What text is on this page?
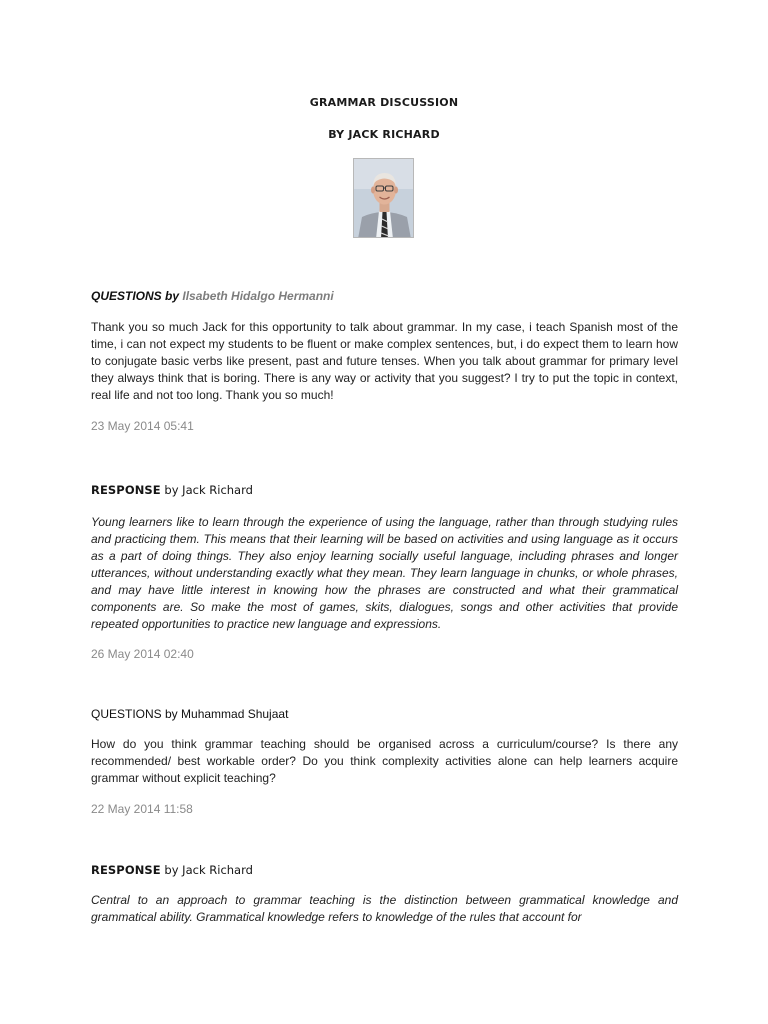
GRAMMAR DISCUSSION
BY JACK RICHARD
QUESTIONS by Ilsabeth Hidalgo Hermanni
Thank you so much Jack for this opportunity to talk about grammar. In my case, i teach Spanish most of the time, i can not expect my students to be fluent or make complex sentences, but, i do expect them to learn how to conjugate basic verbs like present, past and future tenses. When you talk about grammar for primary level they always think that is boring. There is any way or activity that you suggest? I try to put the topic in context, real life and not too long. Thank you so much!
23 May 2014 05:41
RESPONSE by Jack Richard
Young learners like to learn through the experience of using the language, rather than through studying rules and practicing them. This means that their learning will be based on activities and using language as it occurs as a part of doing things. They also enjoy learning socially useful language, including phrases and longer utterances, without understanding exactly what they mean. They learn language in chunks, or whole phrases, and may have little interest in knowing how the phrases are constructed and what their grammatical components are. So make the most of games, skits, dialogues, songs and other activities that provide repeated opportunities to practice new language and expressions.
26 May 2014 02:40
QUESTIONS by Muhammad Shujaat
How do you think grammar teaching should be organised across a curriculum/course? Is there any recommended/ best workable order? Do you think complexity activities alone can help learners acquire grammar without explicit teaching?
22 May 2014 11:58
RESPONSE by Jack Richard
Central to an approach to grammar teaching is the distinction between grammatical knowledge and grammatical ability. Grammatical knowledge refers to knowledge of the rules that account for
